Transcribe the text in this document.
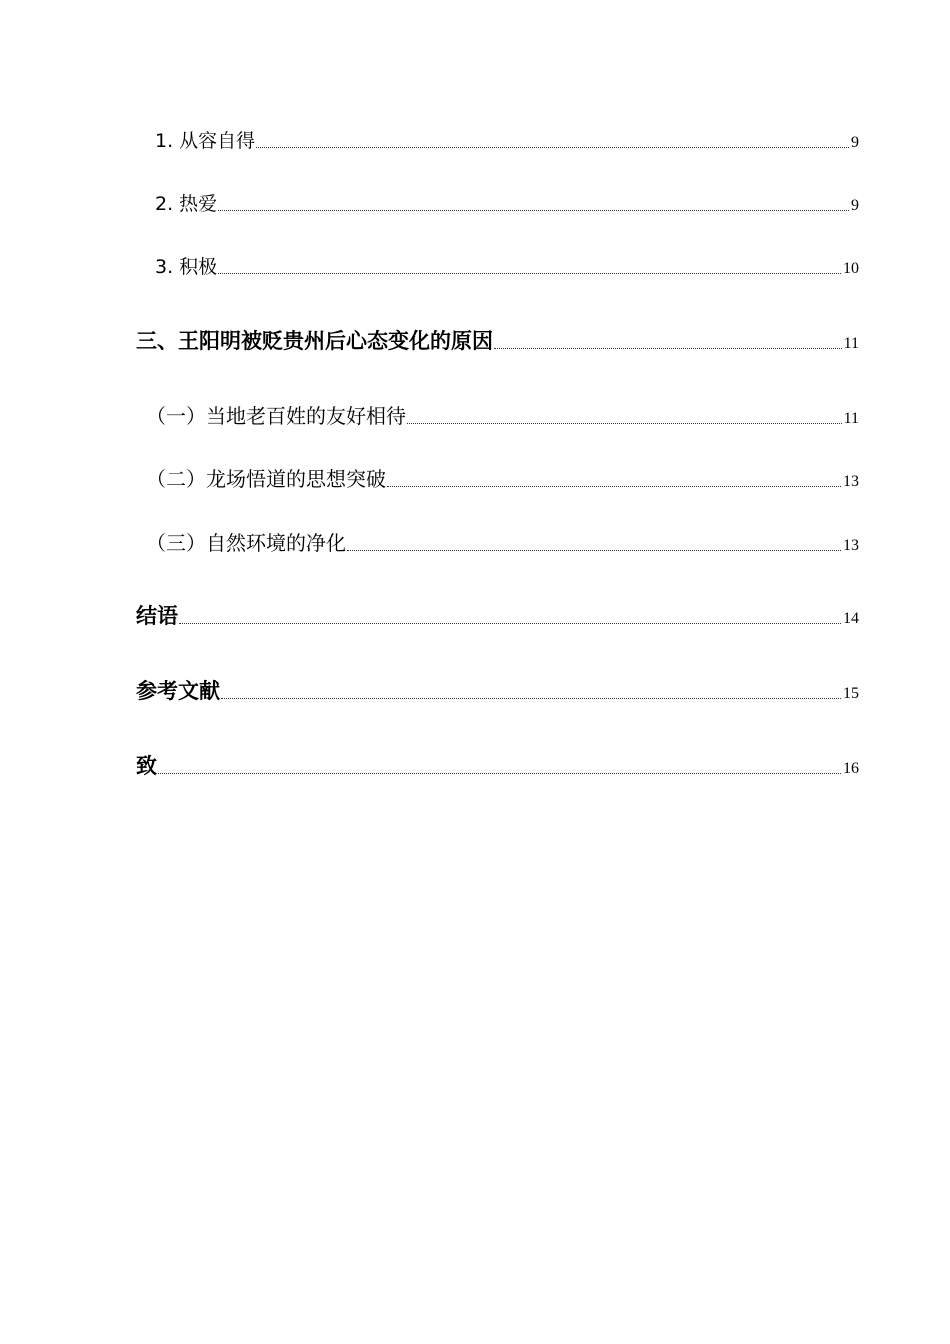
1. 从容自得	9
2. 热爱	9
3. 积极	10
三、王阳明被贬贵州后心态变化的原因	11
（一）当地老百姓的友好相待	11
（二）龙场悟道的思想突破	13
（三）自然环境的净化	13
结语	14
参考文献	15
致	16
